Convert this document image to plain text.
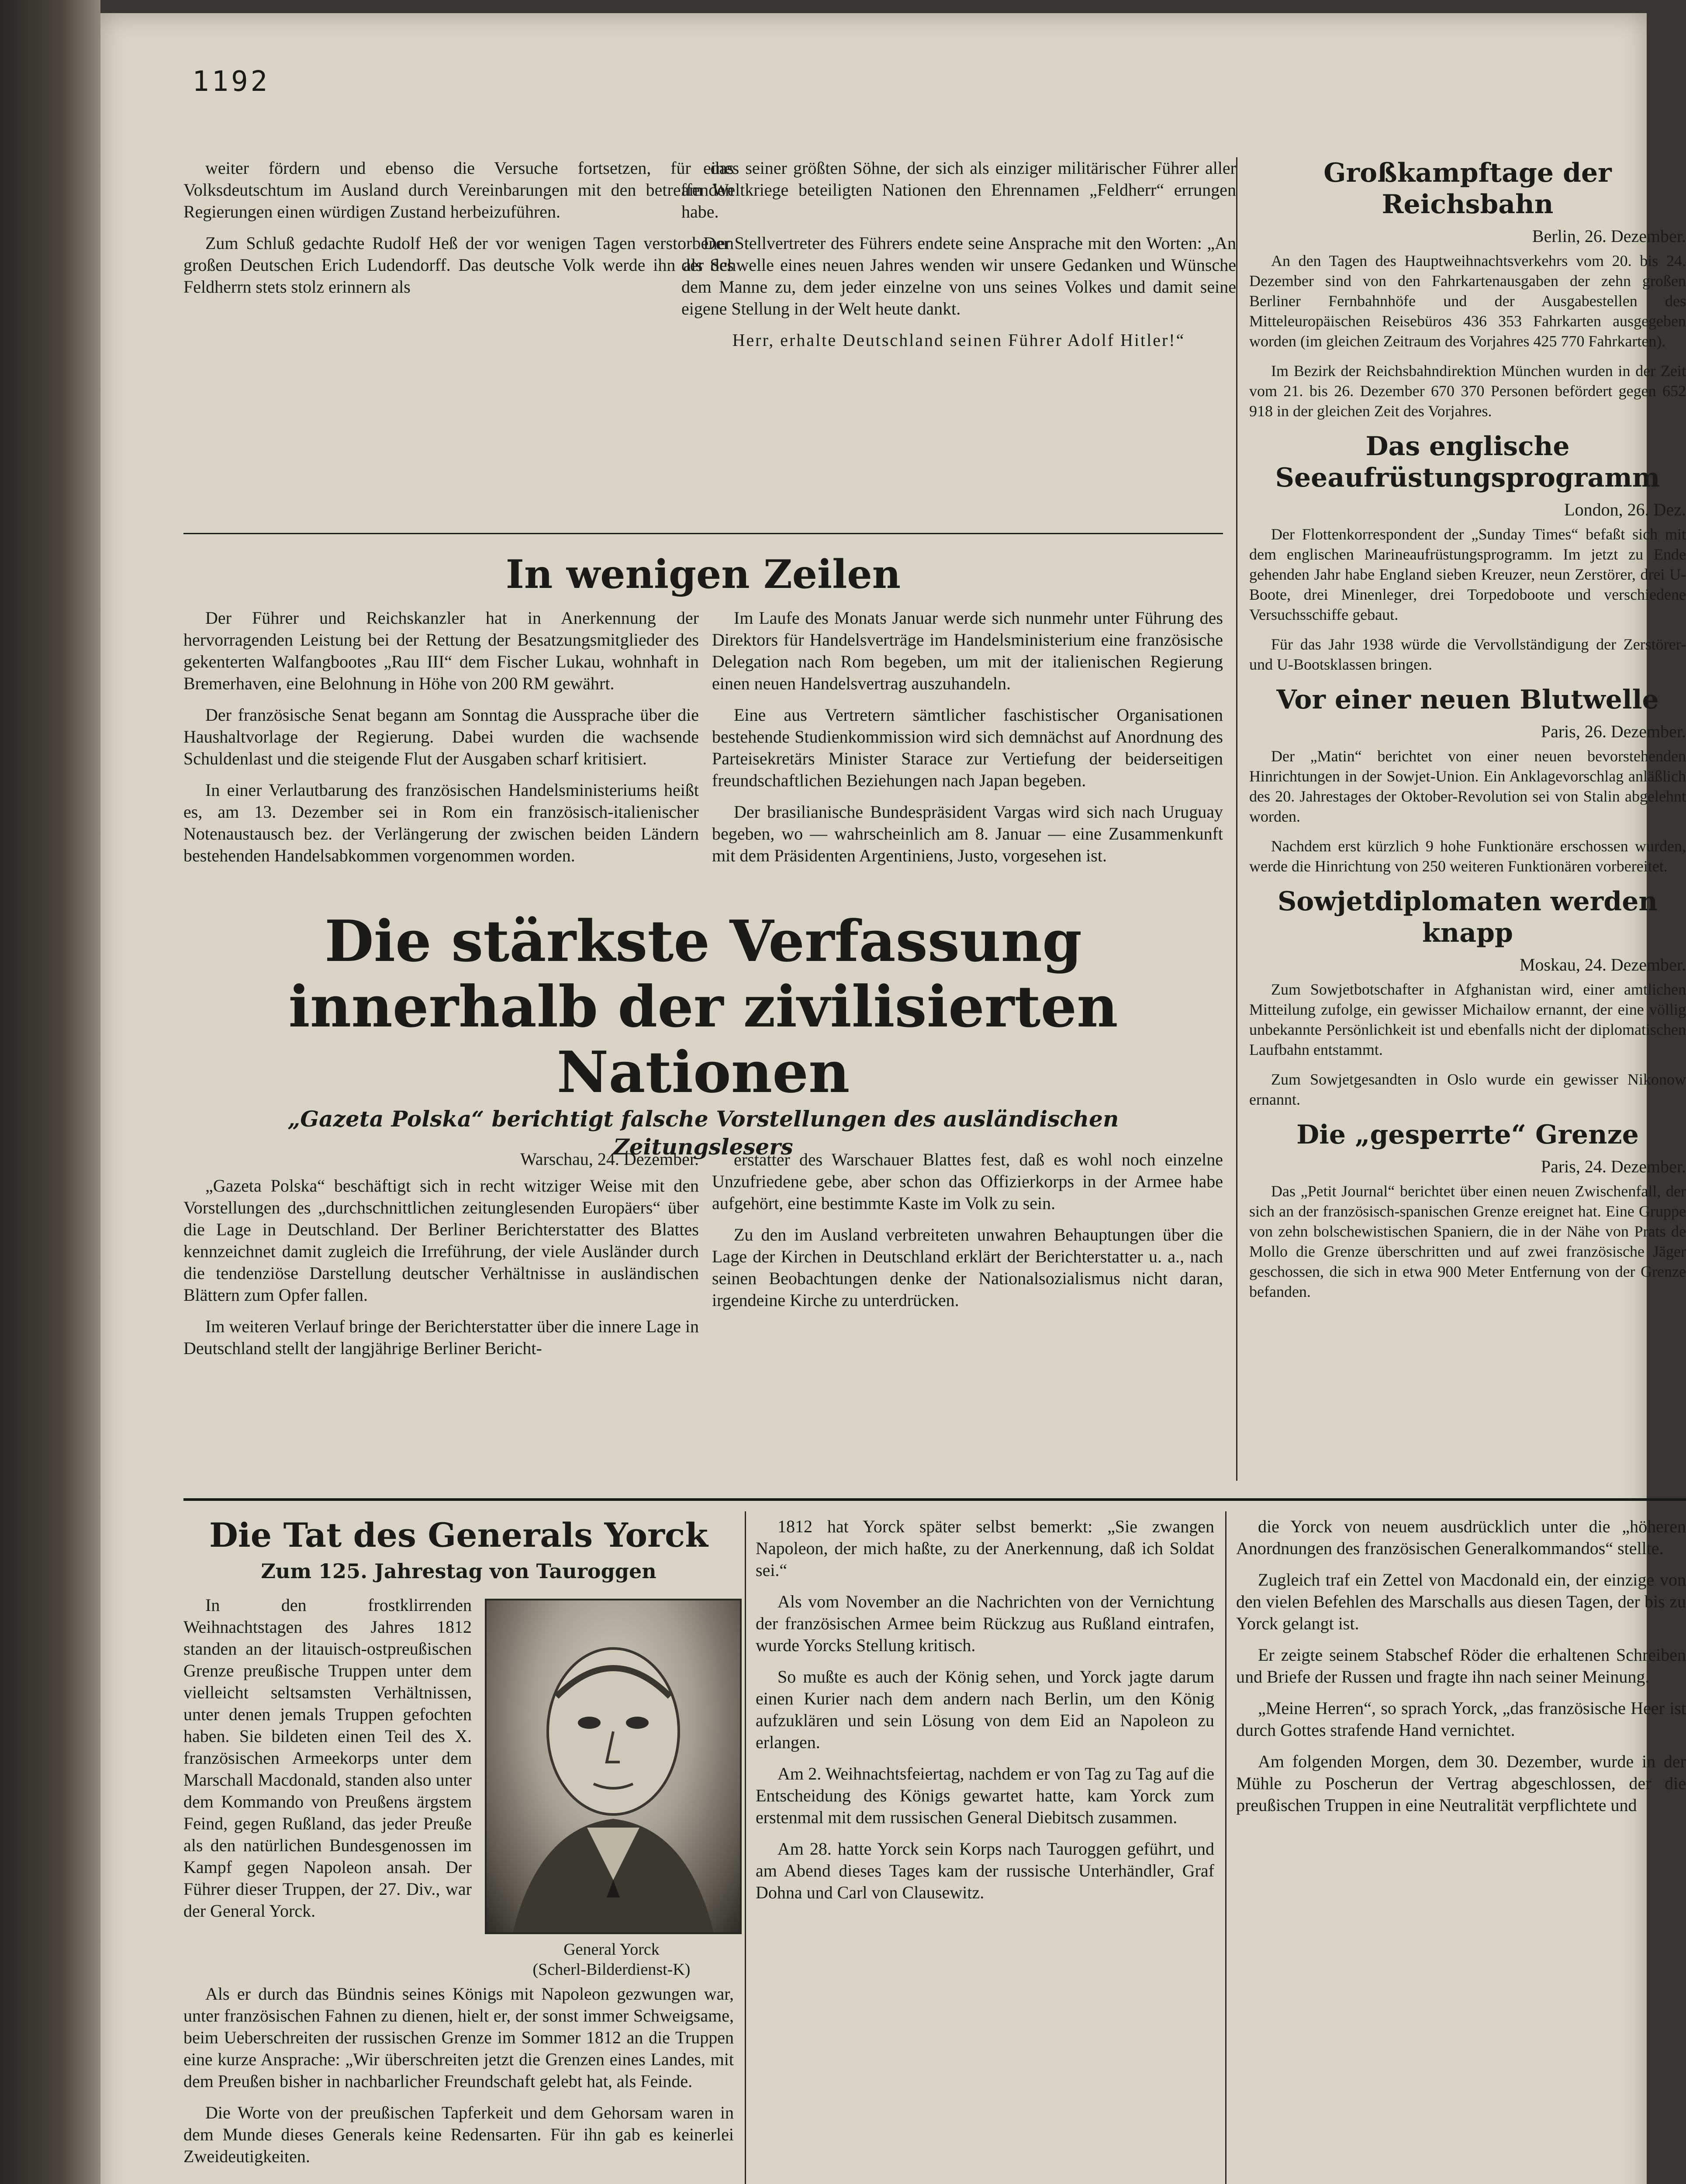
1192

weiter fördern und ebenso die Versuche fortsetzen, für das Volksdeutschtum im Ausland durch Vereinbarungen mit den betreffenden Regierungen einen würdigen Zustand herbeizuführen.

Zum Schluß gedachte Rudolf Heß der vor wenigen Tagen verstorbenen großen Deutschen Erich Ludendorff. Das deutsche Volk werde ihn als des Feldherrn stets stolz erinnern als

eines seiner größten Söhne, der sich als einziger militärischer Führer aller am Weltkriege beteiligten Nationen den Ehrennamen „Feldherr“ errungen habe.

Der Stellvertreter des Führers endete seine Ansprache mit den Worten: „An der Schwelle eines neuen Jahres wenden wir unsere Gedanken und Wünsche dem Manne zu, dem jeder einzelne von uns seines Volkes und damit seine eigene Stellung in der Welt heute dankt.

Herr, erhalte Deutschland seinen Führer Adolf Hitler!“

In wenigen Zeilen

Der Führer und Reichskanzler hat in Anerkennung der hervorragenden Leistung bei der Rettung der Besatzungsmitglieder des gekenterten Walfangbootes „Rau III“ dem Fischer Lukau, wohnhaft in Bremerhaven, eine Belohnung in Höhe von 200 RM gewährt.

Der französische Senat begann am Sonntag die Aussprache über die Haushaltvorlage der Regierung. Dabei wurden die wachsende Schuldenlast und die steigende Flut der Ausgaben scharf kritisiert.

In einer Verlautbarung des französischen Handelsministeriums heißt es, am 13. Dezember sei in Rom ein französisch-italienischer Notenaustausch bez. der Verlängerung der zwischen beiden Ländern bestehenden Handelsabkommen vorgenommen worden.

Im Laufe des Monats Januar werde sich nunmehr unter Führung des Direktors für Handelsverträge im Handelsministerium eine französische Delegation nach Rom begeben, um mit der italienischen Regierung einen neuen Handelsvertrag auszuhandeln.

Eine aus Vertretern sämtlicher faschistischer Organisationen bestehende Studienkommission wird sich demnächst auf Anordnung des Parteisekretärs Minister Starace zur Vertiefung der beiderseitigen freundschaftlichen Beziehungen nach Japan begeben.

Der brasilianische Bundespräsident Vargas wird sich nach Uruguay begeben, wo — wahrscheinlich am 8. Januar — eine Zusammenkunft mit dem Präsidenten Argentiniens, Justo, vorgesehen ist.

Die stärkste Verfassung
innerhalb der zivilisierten Nationen
„Gazeta Polska“ berichtigt falsche Vorstellungen des ausländischen Zeitungslesers
Warschau, 24. Dezember.

„Gazeta Polska“ beschäftigt sich in recht witziger Weise mit den Vorstellungen des „durchschnittlichen zeitunglesenden Europäers“ über die Lage in Deutschland. Der Berliner Berichterstatter des Blattes kennzeichnet damit zugleich die Irreführung, der viele Ausländer durch die tendenziöse Darstellung deutscher Verhältnisse in ausländischen Blättern zum Opfer fallen.

Im weiteren Verlauf bringe der Berichterstatter über die innere Lage in Deutschland stellt der langjährige Berliner Bericht-

erstatter des Warschauer Blattes fest, daß es wohl noch einzelne Unzufriedene gebe, aber schon das Offizierkorps in der Armee habe aufgehört, eine bestimmte Kaste im Volk zu sein.

Zu den im Ausland verbreiteten unwahren Behauptungen über die Lage der Kirchen in Deutschland erklärt der Berichterstatter u. a., nach seinen Beobachtungen denke der Nationalsozialismus nicht daran, irgendeine Kirche zu unterdrücken.

Großkampftage der Reichsbahn
Berlin, 26. Dezember.

An den Tagen des Hauptweihnachtsverkehrs vom 20. bis 24. Dezember sind von den Fahrkartenausgaben der zehn großen Berliner Fernbahnhöfe und der Ausgabestellen des Mitteleuropäischen Reisebüros 436 353 Fahrkarten ausgegeben worden (im gleichen Zeitraum des Vorjahres 425 770 Fahrkarten).

Im Bezirk der Reichsbahndirektion München wurden in der Zeit vom 21. bis 26. Dezember 670 370 Personen befördert gegen 652 918 in der gleichen Zeit des Vorjahres.

Das englische Seeaufrüstungsprogramm
London, 26. Dez.

Der Flottenkorrespondent der „Sunday Times“ befaßt sich mit dem englischen Marineaufrüstungsprogramm. Im jetzt zu Ende gehenden Jahr habe England sieben Kreuzer, neun Zerstörer, drei U-Boote, drei Minenleger, drei Torpedoboote und verschiedene Versuchsschiffe gebaut.

Für das Jahr 1938 würde die Vervollständigung der Zerstörer- und U-Bootsklassen bringen.

Vor einer neuen Blutwelle
Paris, 26. Dezember.

Der „Matin“ berichtet von einer neuen bevorstehenden Hinrichtungen in der Sowjet-Union. Ein Anklagevorschlag anläßlich des 20. Jahrestages der Oktober-Revolution sei von Stalin abgelehnt worden.

Nachdem erst kürzlich 9 hohe Funktionäre erschossen wurden, werde die Hinrichtung von 250 weiteren Funktionären vorbereitet.

Sowjetdiplomaten werden knapp
Moskau, 24. Dezember.

Zum Sowjetbotschafter in Afghanistan wird, einer amtlichen Mitteilung zufolge, ein gewisser Michailow ernannt, der eine völlig unbekannte Persönlichkeit ist und ebenfalls nicht der diplomatischen Laufbahn entstammt.

Zum Sowjetgesandten in Oslo wurde ein gewisser Nikonow ernannt.

Die „gesperrte“ Grenze
Paris, 24. Dezember.

Das „Petit Journal“ berichtet über einen neuen Zwischenfall, der sich an der französisch-spanischen Grenze ereignet hat. Eine Gruppe von zehn bolschewistischen Spaniern, die in der Nähe von Prats de Mollo die Grenze überschritten und auf zwei französische Jäger geschossen, die sich in etwa 900 Meter Entfernung von der Grenze befanden.

Die Tat des Generals Yorck
Zum 125. Jahrestag von Tauroggen

In den frostklirrenden Weihnachtstagen des Jahres 1812 standen an der litauisch-ostpreußischen Grenze preußische Truppen unter dem vielleicht seltsamsten Verhältnissen, unter denen jemals Truppen gefochten haben. Sie bildeten einen Teil des X. französischen Armeekorps unter dem Marschall Macdonald, standen also unter dem Kommando von Preußens ärgstem Feind, gegen Rußland, das jeder Preuße als den natürlichen Bundesgenossen im Kampf gegen Napoleon ansah. Der Führer dieser Truppen, der 27. Div., war der General Yorck.

General Yorck
(Scherl-Bilderdienst-K)

Als er durch das Bündnis seines Königs mit Napoleon gezwungen war, unter französischen Fahnen zu dienen, hielt er, der sonst immer Schweigsame, beim Ueberschreiten der russischen Grenze im Sommer 1812 an die Truppen eine kurze Ansprache: „Wir überschreiten jetzt die Grenzen eines Landes, mit dem Preußen bisher in nachbarlicher Freundschaft gelebt hat, als Feinde.

Die Worte von der preußischen Tapferkeit und dem Gehorsam waren in dem Munde dieses Generals keine Redensarten. Für ihn gab es keinerlei Zweideutigkeiten.

1812 hat Yorck später selbst bemerkt: „Sie zwangen Napoleon, der mich haßte, zu der Anerkennung, daß ich Soldat sei.“

Als vom November an die Nachrichten von der Vernichtung der französischen Armee beim Rückzug aus Rußland eintrafen, wurde Yorcks Stellung kritisch.

So mußte es auch der König sehen, und Yorck jagte darum einen Kurier nach dem andern nach Berlin, um den König aufzuklären und sein Lösung von dem Eid an Napoleon zu erlangen.

Am 2. Weihnachtsfeiertag, nachdem er von Tag zu Tag auf die Entscheidung des Königs gewartet hatte, kam Yorck zum erstenmal mit dem russischen General Diebitsch zusammen.

Am 28. hatte Yorck sein Korps nach Tauroggen geführt, und am Abend dieses Tages kam der russische Unterhändler, Graf Dohna und Carl von Clausewitz.

die Yorck von neuem ausdrücklich unter die „höheren Anordnungen des französischen Generalkommandos“ stellte.

Zugleich traf ein Zettel von Macdonald ein, der einzige von den vielen Befehlen des Marschalls aus diesen Tagen, der bis zu Yorck gelangt ist.

Er zeigte seinem Stabschef Röder die erhaltenen Schreiben und Briefe der Russen und fragte ihn nach seiner Meinung.

„Meine Herren“, so sprach Yorck, „das französische Heer ist durch Gottes strafende Hand vernichtet.

Am folgenden Morgen, dem 30. Dezember, wurde in der Mühle zu Poscherun der Vertrag abgeschlossen, der die preußischen Truppen in eine Neutralität verpflichtete und
